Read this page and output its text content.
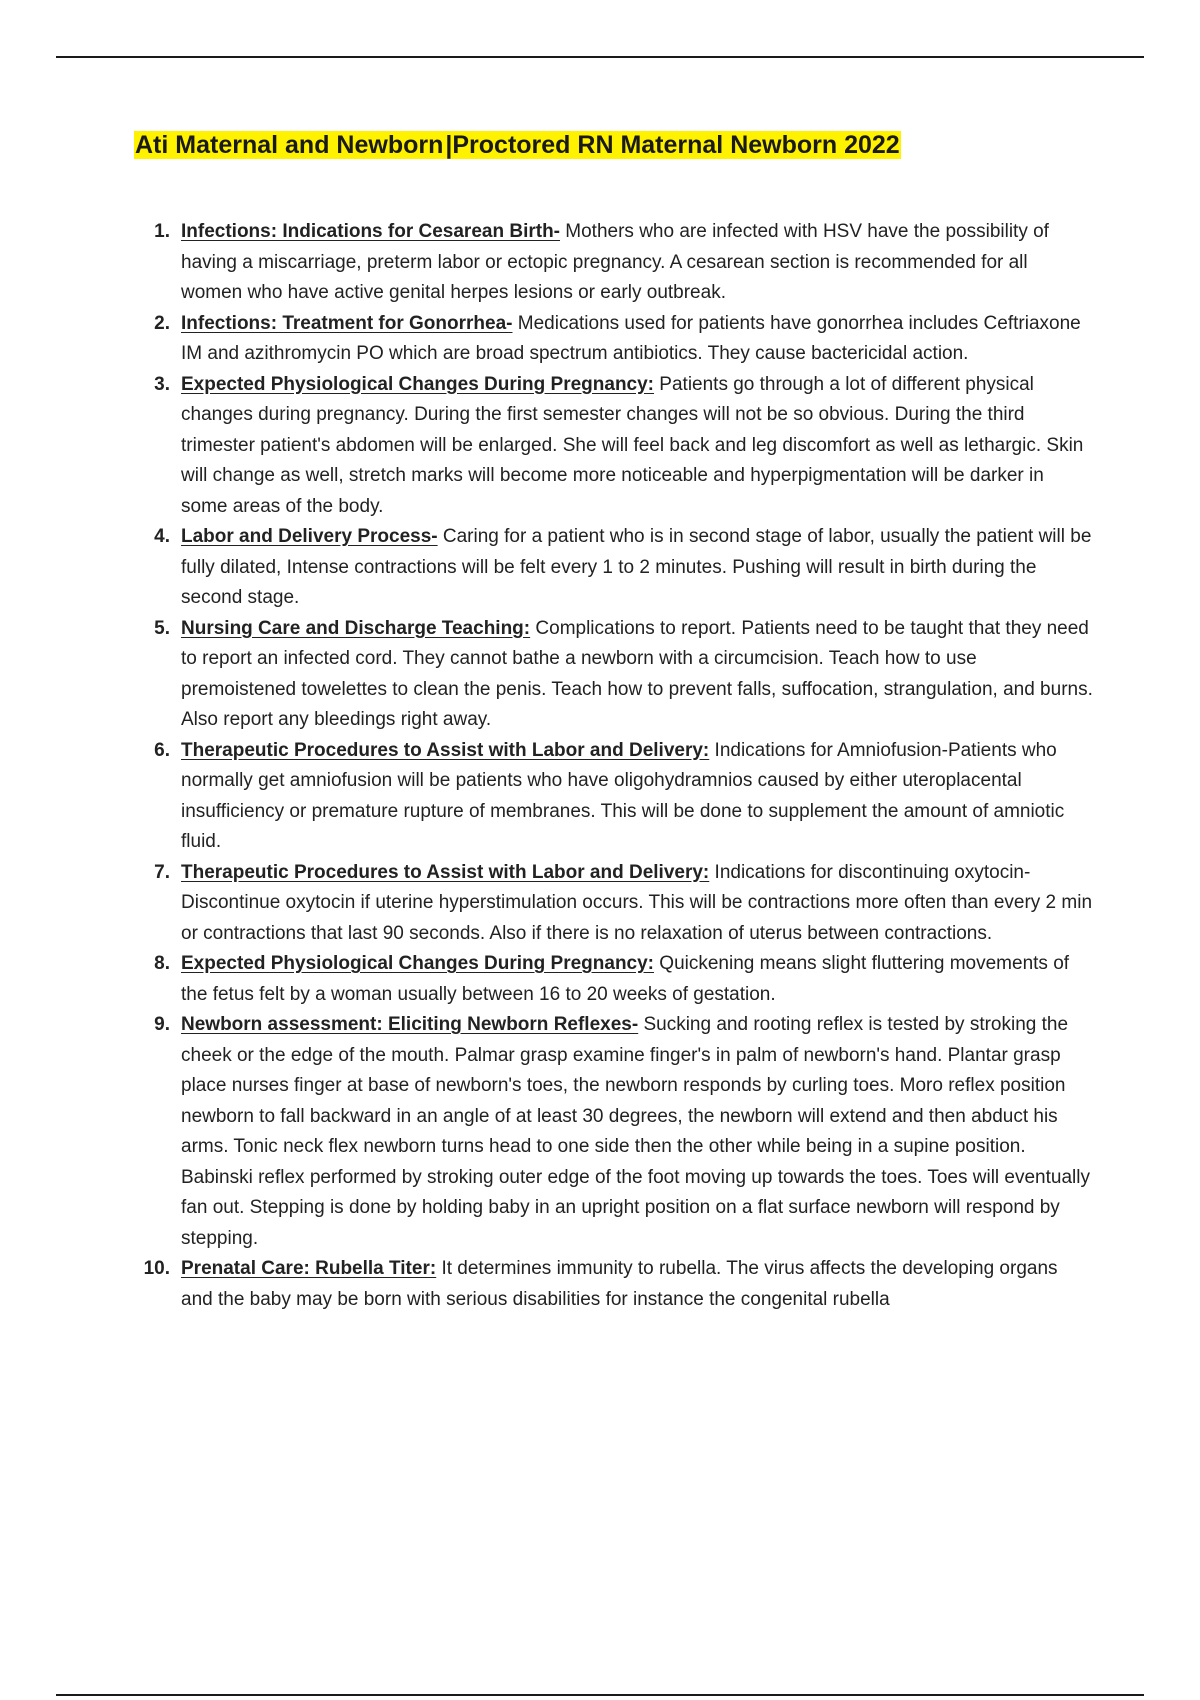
Ati Maternal and Newborn|Proctored RN Maternal Newborn 2022
1. Infections: Indications for Cesarean Birth- Mothers who are infected with HSV have the possibility of having a miscarriage, preterm labor or ectopic pregnancy. A cesarean section is recommended for all women who have active genital herpes lesions or early outbreak.
2. Infections: Treatment for Gonorrhea- Medications used for patients have gonorrhea includes Ceftriaxone IM and azithromycin PO which are broad spectrum antibiotics. They cause bactericidal action.
3. Expected Physiological Changes During Pregnancy: Patients go through a lot of different physical changes during pregnancy. During the first semester changes will not be so obvious. During the third trimester patient's abdomen will be enlarged. She will feel back and leg discomfort as well as lethargic. Skin will change as well, stretch marks will become more noticeable and hyperpigmentation will be darker in some areas of the body.
4. Labor and Delivery Process- Caring for a patient who is in second stage of labor, usually the patient will be fully dilated, Intense contractions will be felt every 1 to 2 minutes. Pushing will result in birth during the second stage.
5. Nursing Care and Discharge Teaching: Complications to report. Patients need to be taught that they need to report an infected cord. They cannot bathe a newborn with a circumcision. Teach how to use premoistened towelettes to clean the penis. Teach how to prevent falls, suffocation, strangulation, and burns. Also report any bleedings right away.
6. Therapeutic Procedures to Assist with Labor and Delivery: Indications for Amniofusion-Patients who normally get amniofusion will be patients who have oligohydramnios caused by either uteroplacental insufficiency or premature rupture of membranes. This will be done to supplement the amount of amniotic fluid.
7. Therapeutic Procedures to Assist with Labor and Delivery: Indications for discontinuing oxytocin-Discontinue oxytocin if uterine hyperstimulation occurs. This will be contractions more often than every 2 min or contractions that last 90 seconds. Also if there is no relaxation of uterus between contractions.
8. Expected Physiological Changes During Pregnancy: Quickening means slight fluttering movements of the fetus felt by a woman usually between 16 to 20 weeks of gestation.
9. Newborn assessment: Eliciting Newborn Reflexes- Sucking and rooting reflex is tested by stroking the cheek or the edge of the mouth. Palmar grasp examine finger's in palm of newborn's hand. Plantar grasp place nurses finger at base of newborn's toes, the newborn responds by curling toes. Moro reflex position newborn to fall backward in an angle of at least 30 degrees, the newborn will extend and then abduct his arms. Tonic neck flex newborn turns head to one side then the other while being in a supine position. Babinski reflex performed by stroking outer edge of the foot moving up towards the toes. Toes will eventually fan out. Stepping is done by holding baby in an upright position on a flat surface newborn will respond by stepping.
10. Prenatal Care: Rubella Titer: It determines immunity to rubella. The virus affects the developing organs and the baby may be born with serious disabilities for instance the congenital rubella
